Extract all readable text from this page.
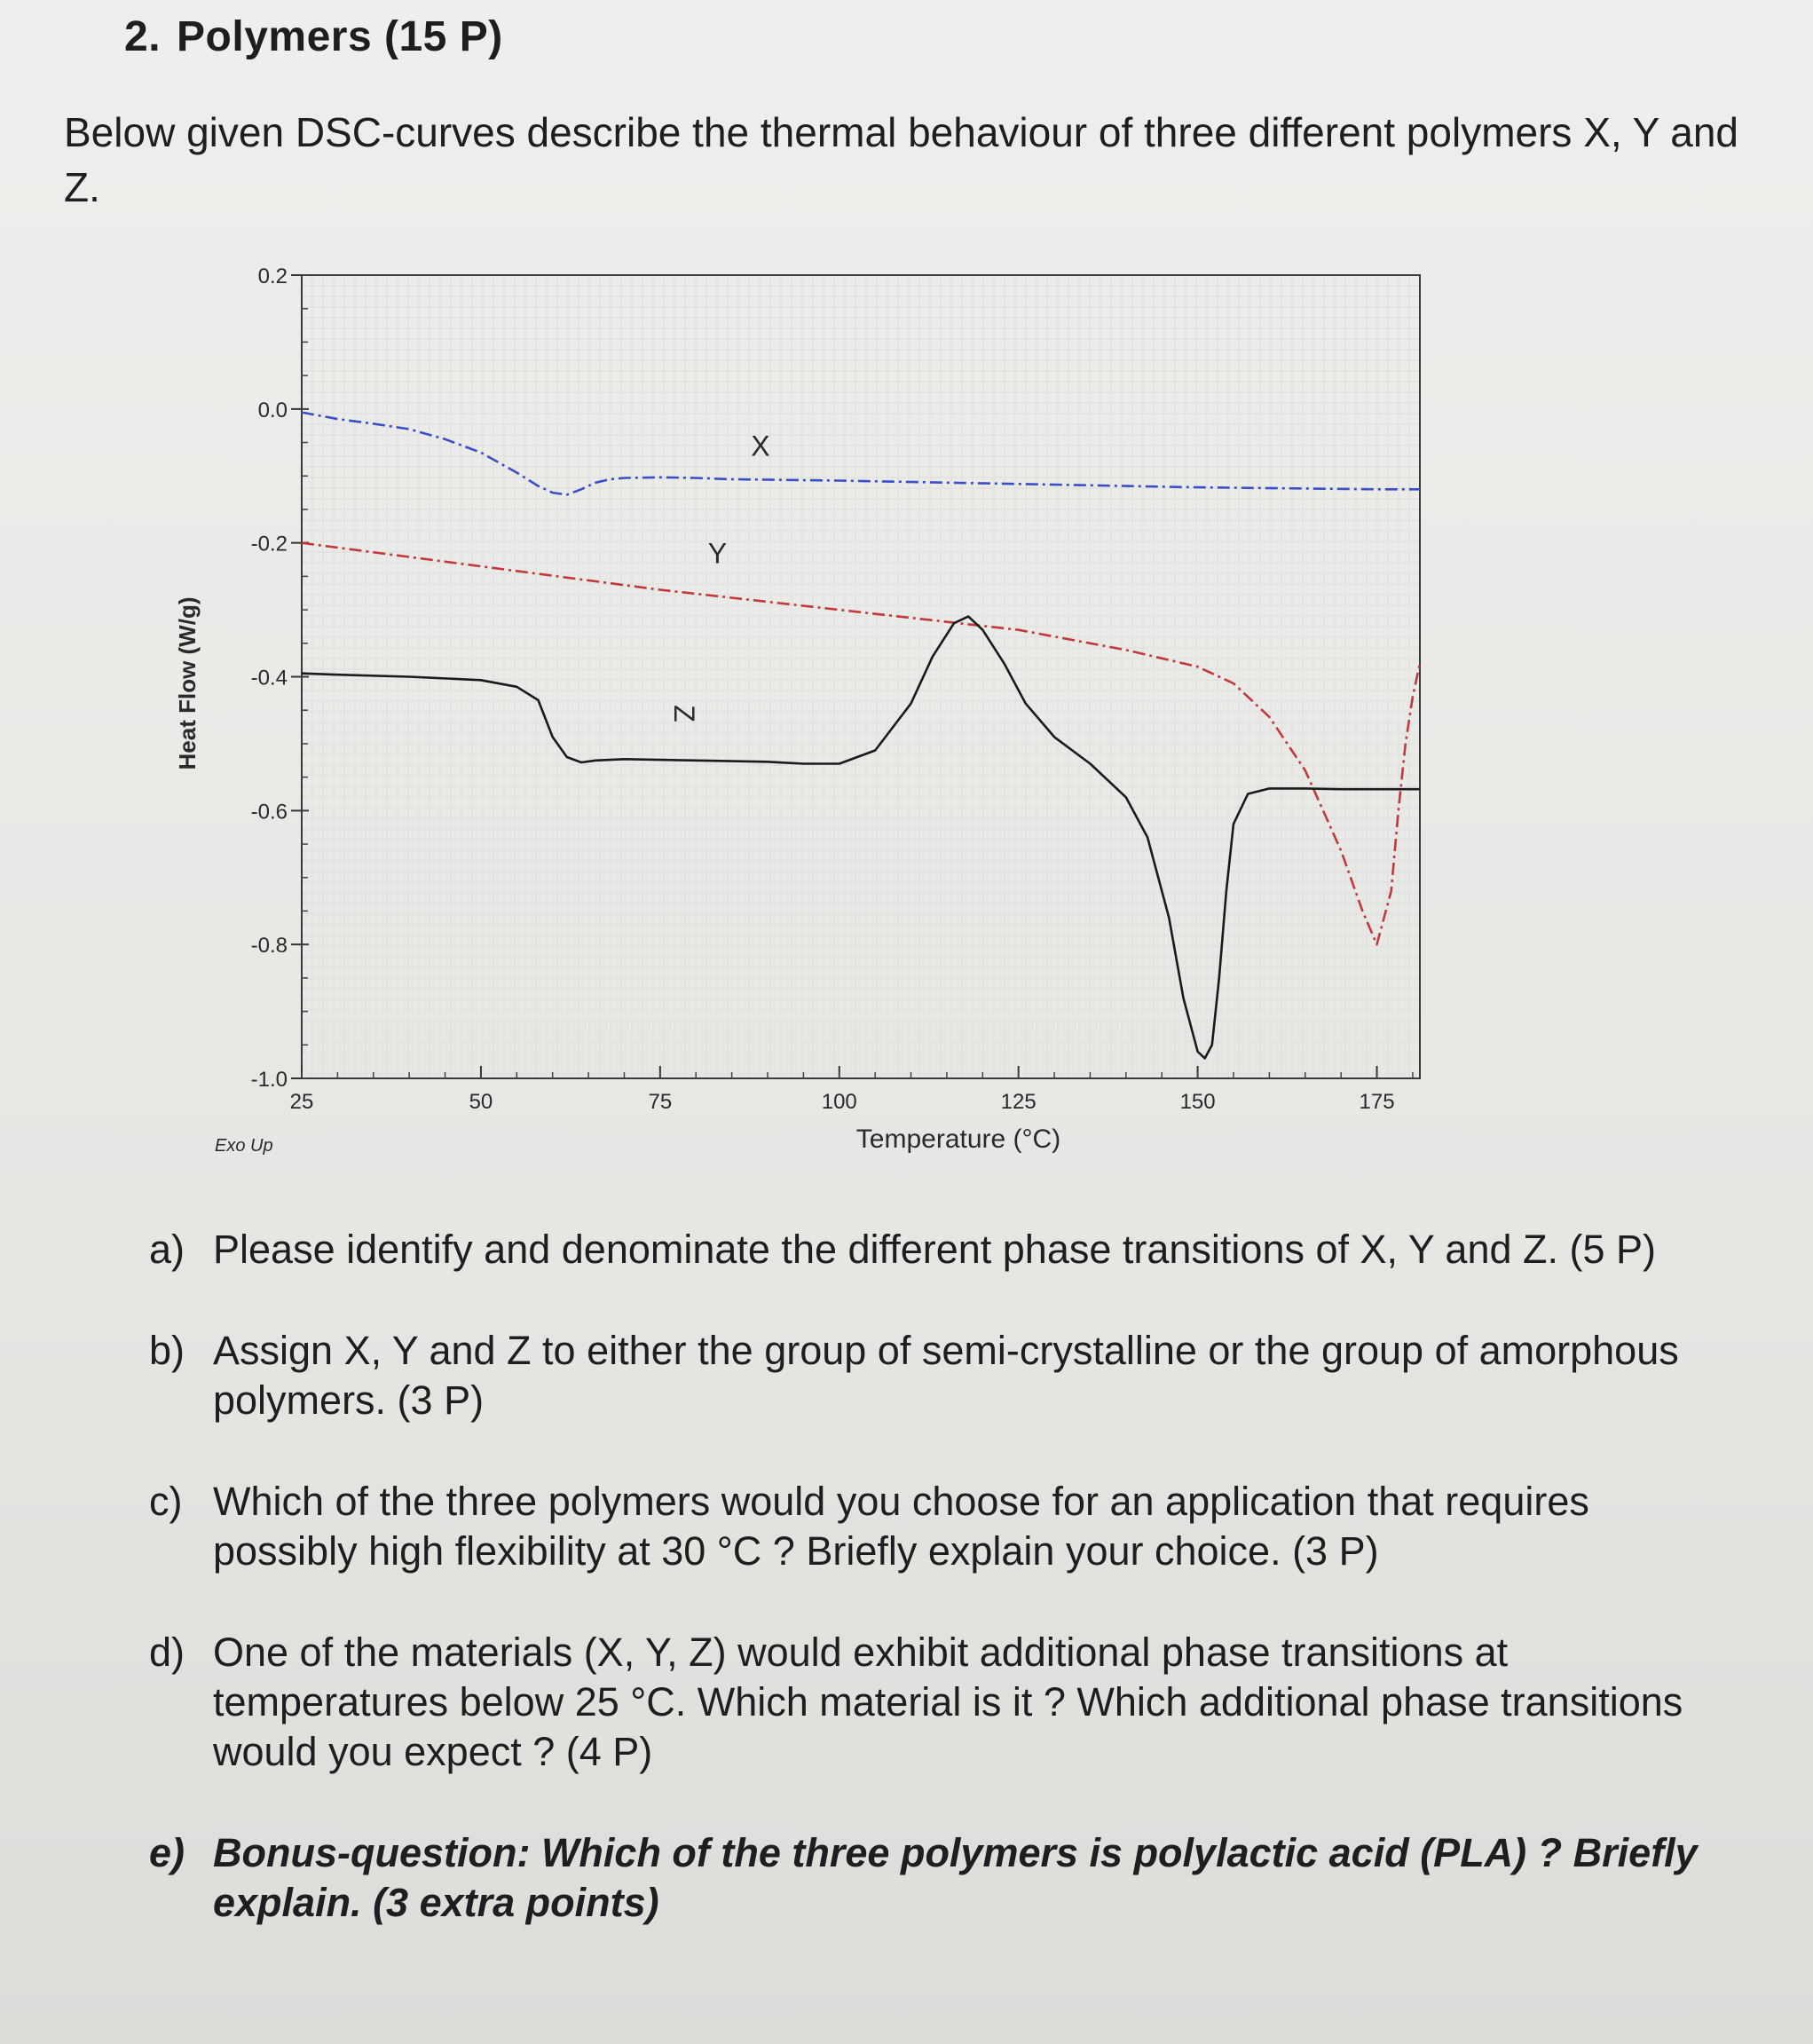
2. Polymers (15 P)
Below given DSC-curves describe the thermal behaviour of three different polymers X, Y and Z.
25	50	75	100	125	150	175
0.2
0.0
-0.2
-0.4
-0.6
-0.8
-1.0
X
Y
Z
Heat Flow (W/g)
Temperature (°C)
Exo Up
a) Please identify and denominate the different phase transitions of X, Y and Z. (5 P)
b) Assign X, Y and Z to either the group of semi-crystalline or the group of amorphous polymers. (3 P)
c) Which of the three polymers would you choose for an application that requires possibly high flexibility at 30 °C ? Briefly explain your choice. (3 P)
d) One of the materials (X, Y, Z) would exhibit additional phase transitions at temperatures below 25 °C. Which material is it ? Which additional phase transitions would you expect ? (4 P)
e) Bonus-question: Which of the three polymers is polylactic acid (PLA) ? Briefly explain. (3 extra points)
